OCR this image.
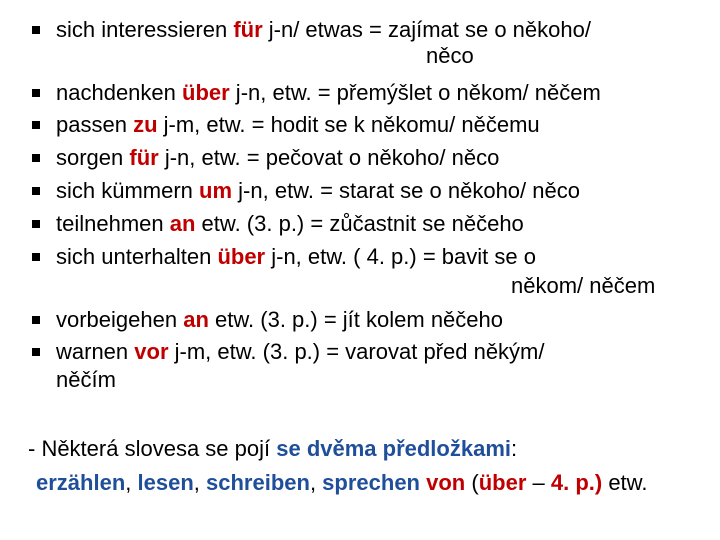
sich interessieren für j-n/ etwas = zajímat se o někoho/
něco
nachdenken über j-n, etw. = přemýšlet o někom/ něčem
passen zu j-m, etw. = hodit se k někomu/ něčemu
sorgen für j-n, etw. = pečovat o někoho/ něco
sich kümmern um j-n, etw. = starat se o někoho/ něco
teilnehmen an etw. (3. p.) = zůčastnit se něčeho
sich unterhalten über j-n, etw. ( 4. p.) = bavit se o
někom/ něčem
vorbeigehen an etw. (3. p.) = jít kolem něčeho
warnen vor j-m, etw. (3. p.) = varovat před někým/
něčím
- Některá slovesa se pojí se dvěma předložkami:
erzählen, lesen, schreiben, sprechen von (über – 4. p.) etw.
